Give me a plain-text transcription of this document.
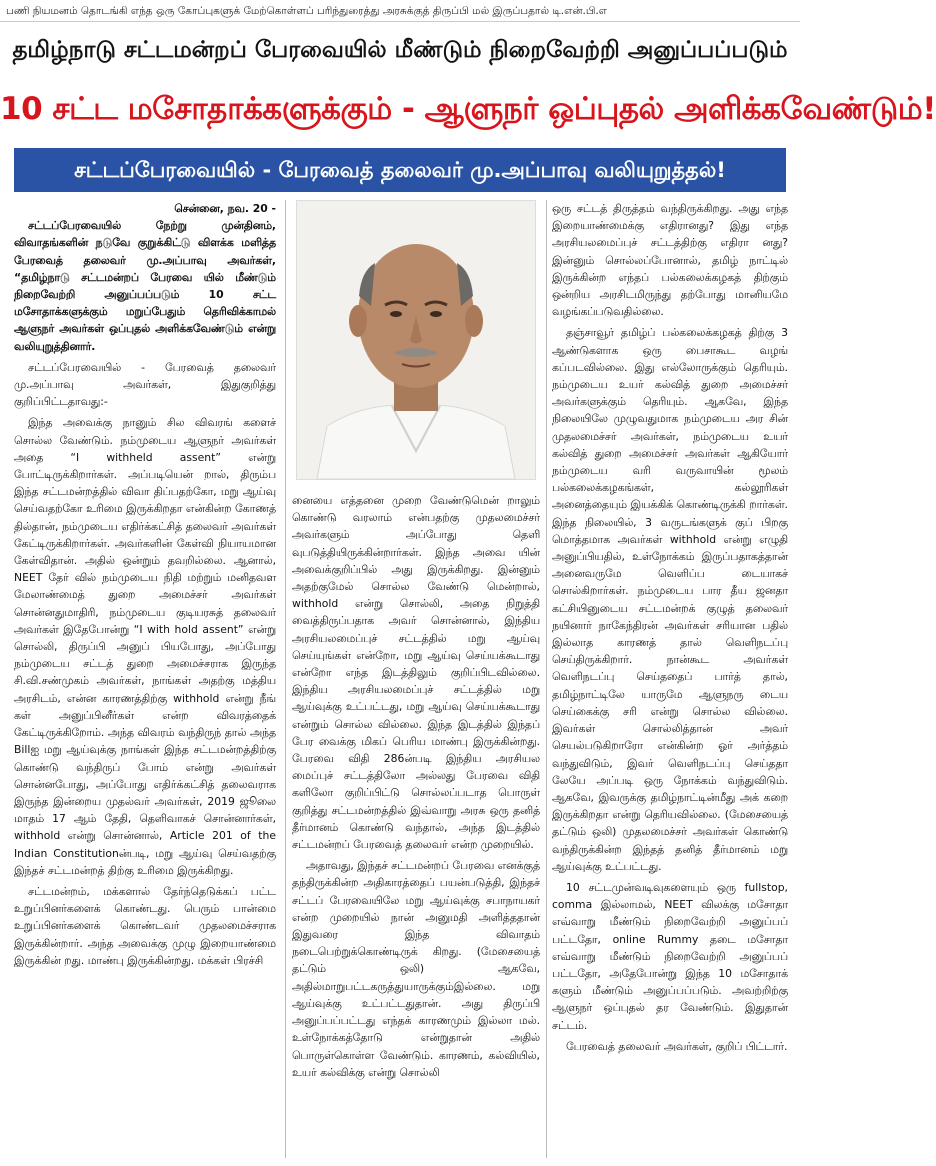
பணி நியமனம் தொடங்கி எந்த ஒரு கோப்புகளுக் மேற்கொள்ளப் பரிந்துரைத்து அரசுக்குத் திருப்பி மல் இருப்பதால் டி.என்.பி.எ
தமிழ்நாடு சட்டமன்றப் பேரவையில் மீண்டும் நிறைவேற்றி அனுப்பப்படும்
10 சட்ட மசோதாக்களுக்கும் - ஆளுநர் ஒப்புதல் அளிக்கவேண்டும்!
சட்டப்பேரவையில் - பேரவைத் தலைவர் மு.அப்பாவு வலியுறுத்தல்!
சென்னை, நவ. 20 -

சட்டப்பேரவையில் நேற்று முன்தினம், விவாதங்களின் நடுவே குறுக்கிட்டு விளக்க மளித்த பேரவைத் தலைவர் மு.அப்பாவு அவர்கள், “தமிழ்நாடு சட்டமன்றப் பேரவை யில் மீண்டும் நிறைவேற்றி அனுப்பப்படும் 10 சட்ட மசோதாக்களுக்கும் மறுப்பேதும் தெரிவிக்காமல் ஆளுநர் அவர்கள் ஒப்புதல் அளிக்கவேண்டும் என்று வலியுறுத்தினார்.

சட்டப்பேரவையில் - பேரவைத் தலைவர் மு.அப்பாவு அவர்கள், இதுகுறித்து குறிப்பிட்டதாவது:-

இந்த அவைக்கு நானும் சில விவரங் களைச் சொல்ல வேண்டும். நம்முடைய ஆளுநர் அவர்கள் அதை “I withheld assent” என்று போட்டிருக்கிறார்கள். அப்படியென் றால், திரும்ப இந்த சட்டமன்றத்தில் விவா திப்பதற்கோ, மறு ஆய்வு செய்வதற்கோ உரிமை இருக்கிறதா என்கின்ற கோணத் தில்தான், நம்முடைய எதிர்க்கட்சித் தலைவர் அவர்கள் கேட்டிருக்கிறார்கள். அவர்களின் கேள்வி நியாயமான கேள்விதான். அதில் ஒன்றும் தவறில்லை. ஆனால், NEET தேர் வில் நம்முடைய நிதி மற்றும் மனிதவள மேலாண்மைத் துறை அமைச்சர் அவர்கள் சொன்னதுமாதிரி, நம்முடைய குடியரசுத் தலைவர் அவர்கள் இதேபோன்று “I with hold assent” என்று சொல்லி, திருப்பி அனுப் பியபோது, அப்போது நம்முடைய சட்டத் துறை அமைச்சராக இருந்த சி.வி.சண்முகம் அவர்கள், நாங்கள் அதற்கு மத்திய அரசிடம், என்ன காரணத்திற்கு withhold என்று நீங் கள் அனுப்பினீர்கள் என்ற விவரத்தைக் கேட்டிருக்கிறோம். அந்த விவரம் வந்திருந் தால் அந்த Billஐ மறு ஆய்வுக்கு நாங்கள் இந்த சட்டமன்றத்திற்கு கொண்டு வந்திருப் போம் என்று அவர்கள் சொன்னபோது, அப்போது எதிர்க்கட்சித் தலைவராக இருந்த இன்றைய முதல்வர் அவர்கள், 2019 ஜூலை மாதம் 17 ஆம் தேதி, தெளிவாகச் சொன்னார்கள், withhold என்று சொன்னால், Article 201 of the Indian Constitutionன்படி, மறு ஆய்வு செய்வதற்கு இந்தச் சட்டமன்றத் திற்கு உரிமை இருக்கிறது.

சட்டமன்றம், மக்களால் தேர்ந்தெடுக்கப் பட்ட உறுப்பினர்களைக் கொண்டது. பெரும் பான்மை உறுப்பினர்களைக் கொண்டவர் முதலமைச்சராக இருக்கின்றார். அந்த அவைக்கு முழு இறையாண்மை இருக்கின் றது. மாண்பு இருக்கின்றது. மக்கள் பிரச்சி

னையை எத்தனை முறை வேண்டுமென் றாலும் கொண்டு வரலாம் என்பதற்கு முதலமைச்சர் அவர்களும் அப்போது தெளி வுபடுத்தியிருக்கின்றார்கள். இந்த அவை யின் அவைக்குறிப்பில் அது இருக்கிறது. இன்னும் அதற்குமேல் சொல்ல வேண்டு மென்றால், withhold என்று சொல்லி, அதை நிறுத்தி வைத்திருப்பதாக அவர் சொன்னால், இந்திய அரசியலமைப்புச் சட்டத்தில் மறு ஆய்வு செய்யுங்கள் என்றோ, மறு ஆய்வு செய்யக்கூடாது என்றோ எந்த இடத்திலும் குறிப்பிடவில்லை. இந்திய அரசியலமைப்புச் சட்டத்தில் மறு ஆய்வுக்கு உட்பட்டது, மறு ஆய்வு செய்யக்கூடாது என்றும் சொல்ல வில்லை. இந்த இடத்தில் இந்தப் பேர வைக்கு மிகப் பெரிய மாண்பு இருக்கின்றது. பேரவை விதி 286ன்படி இந்திய அரசியல மைப்புச் சட்டத்திலோ அல்லது பேரவை விதி களிலோ குறிப்பிட்டு சொல்லப்படாத பொருள் குறித்து சட்டமன்றத்தில் இவ்வாறு அரசு ஒரு தனித் தீர்மானம் கொண்டு வந்தால், அந்த இடத்தில் சட்டமன்றப் பேரவைத் தலைவர் என்ற முறையில்.

அதாவது, இந்தச் சட்டமன்றப் பேரவை எனக்குத் தந்திருக்கின்ற அதிகாரத்தைப் பயன்படுத்தி, இந்தச் சட்டப் பேரவையிலே மறு ஆய்வுக்கு சபாநாயகர் என்ற முறையில் நான் அனுமதி அளித்ததான் இதுவரை இந்த விவாதம் நடைபெற்றுக்கொண்டிருக் கிறது. (மேசையைத் தட்டும் ஒலி) ஆகவே, அதில்மாறுபட்டகருத்துயாருக்கும்இல்லை. மறு ஆய்வுக்கு உட்பட்டதுதான். அது திருப்பி அனுப்பப்பட்டது எந்தக் காரணமும் இல்லா மல். உள்நோக்கத்தோடு என்றுதான் அதில் பொருள்கொள்ள வேண்டும். காரணம், கல்வியில், உயர் கல்விக்கு என்று சொல்லி

ஒரு சட்டத் திருத்தம் வந்திருக்கிறது. அது எந்த இறையாண்மைக்கு எதிரானது? இது எந்த அரசியலமைப்புச் சட்டத்திற்கு எதிரா னது? இன்னும் சொல்லப்போனால், தமிழ் நாட்டில் இருக்கின்ற எந்தப் பல்கலைக்கழகத் திற்கும் ஒன்றிய அரசிடமிருந்து தற்போது மானியமே வழங்கப்படுவதில்லை.

தஞ்சாவூர் தமிழ்ப் பல்கலைக்கழகத் திற்கு 3 ஆண்டுகளாக ஒரு பைசாகூட வழங் கப்படவில்லை. இது எல்லோருக்கும் தெரியும். நம்முடைய உயர் கல்வித் துறை அமைச்சர் அவர்களுக்கும் தெரியும். ஆகவே, இந்த நிலையிலே முழுவதுமாக நம்முடைய அர சின் முதலமைச்சர் அவர்கள், நம்முடைய உயர் கல்வித் துறை அமைச்சர் அவர்கள் ஆகியோர் நம்முடைய வரி வருவாயின் மூலம் பல்கலைக்கழகங்கள், கல்லூரிகள் அனைத்தையும் இயக்கிக் கொண்டிருக்கி றார்கள். இந்த நிலையில், 3 வருடங்களுக் குப் பிறகு மொத்தமாக அவர்கள் withhold என்று எழுதி அனுப்பியதில், உள்நோக்கம் இருப்பதாகத்தான் அனைவருமே வெளிப்ப டையாகச் சொல்கிறார்கள். நம்முடைய பார தீய ஜனதா கட்சியினுடைய சட்டமன்றக் குழுத் தலைவர் நயினார் நாகேந்திரன் அவர்கள் சரியான பதில் இல்லாத காரணத் தால் வெளிநடப்பு செய்திருக்கிறார். நான்கூட அவர்கள் வெளிநடப்பு செய்ததைப் பார்த் தால், தமிழ்நாட்டிலே யாருமே ஆளுநரு டைய செய்கைக்கு சரி என்று சொல்ல வில்லை. இவர்கள் சொல்லித்தான் அவர் செயல்படுகிறாரோ என்கின்ற ஓர் அர்த்தம் வந்துவிடும், இவர் வெளிநடப்பு செய்ததா லேயே அப்படி ஒரு நோக்கம் வந்துவிடும். ஆகவே, இவருக்கு தமிழ்நாட்டின்மீது அக் கறை இருக்கிறதா என்று தெரியவில்லை. (மேசையைத் தட்டும் ஒலி) முதலமைச்சர் அவர்கள் கொண்டு வந்திருக்கின்ற இந்தத் தனித் தீர்மானம் மறு ஆய்வுக்கு உட்பட்டது.

10 சட்டமுன்வடிவுகளையும் ஒரு fullstop, comma இல்லாமல், NEET விலக்கு மசோதா எவ்வாறு மீண்டும் நிறைவேற்றி அனுப்பப் பட்டதோ, online Rummy தடை மசோதா எவ்வாறு மீண்டும் நிறைவேற்றி அனுப்பப் பட்டதோ, அதேபோன்று இந்த 10 மசோதாக் களும் மீண்டும் அனுப்பப்படும். அவற்றிற்கு ஆளுநர் ஒப்புதல் தர வேண்டும். இதுதான் சட்டம்.

பேரவைத் தலைவர் அவர்கள், குறிப் பிட்டார்.
